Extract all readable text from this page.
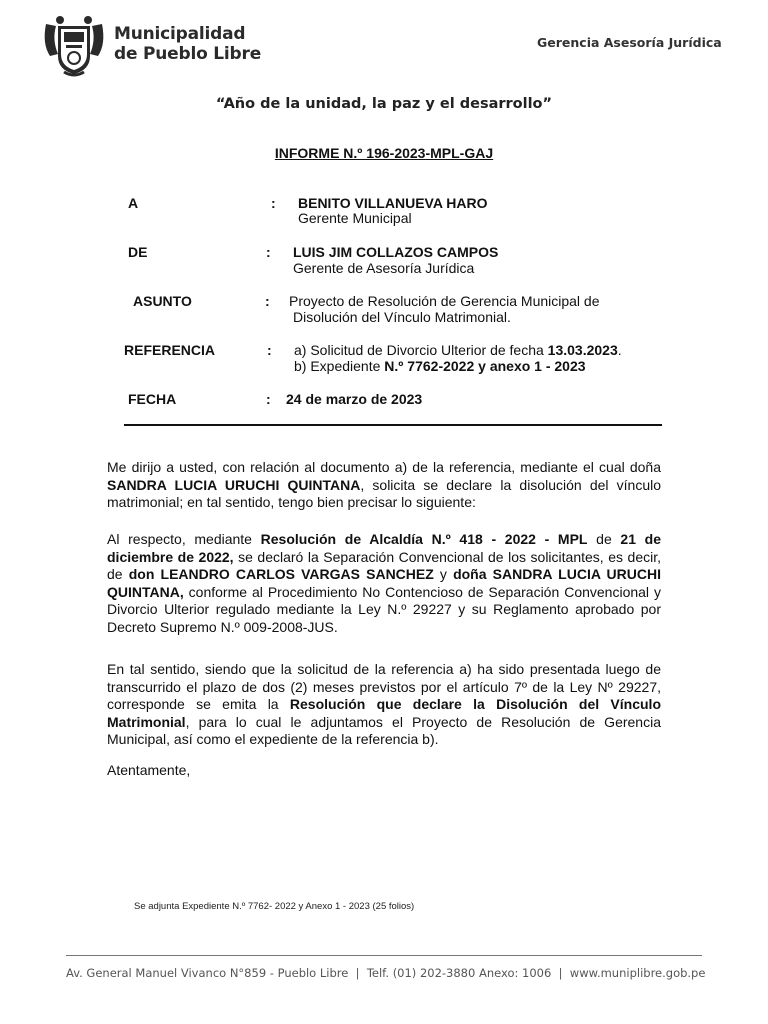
Municipalidad
de Pueblo Libre
Gerencia Asesoría Jurídica
“Año de la unidad, la paz y el desarrollo”
INFORME N.º 196-2023-MPL-GAJ
A	: BENITO VILLANUEVA HARO
Gerente Municipal
DE	: LUIS JIM COLLAZOS CAMPOS
Gerente de Asesoría Jurídica
ASUNTO	: Proyecto de Resolución de Gerencia Municipal de
Disolución del Vínculo Matrimonial.
REFERENCIA	: a) Solicitud de Divorcio Ulterior de fecha 13.03.2023.
b) Expediente N.º 7762-2022 y anexo 1 - 2023
FECHA	: 24 de marzo de 2023
Me dirijo a usted, con relación al documento a) de la referencia, mediante el cual doña SANDRA LUCIA URUCHI QUINTANA, solicita se declare la disolución del vínculo matrimonial; en tal sentido, tengo bien precisar lo siguiente:
Al respecto, mediante Resolución de Alcaldía N.º 418 - 2022 - MPL de 21 de diciembre de 2022, se declaró la Separación Convencional de los solicitantes, es decir, de don LEANDRO CARLOS VARGAS SANCHEZ y doña SANDRA LUCIA URUCHI QUINTANA, conforme al Procedimiento No Contencioso de Separación Convencional y Divorcio Ulterior regulado mediante la Ley N.º 29227 y su Reglamento aprobado por Decreto Supremo N.º 009-2008-JUS.
En tal sentido, siendo que la solicitud de la referencia a) ha sido presentada luego de transcurrido el plazo de dos (2) meses previstos por el artículo 7º de la Ley Nº 29227, corresponde se emita la Resolución que declare la Disolución del Vínculo Matrimonial, para lo cual le adjuntamos el Proyecto de Resolución de Gerencia Municipal, así como el expediente de la referencia b).
Atentamente,
Se adjunta Expediente N.º 7762- 2022 y Anexo 1 - 2023 (25 folios)
Av. General Manuel Vivanco N°859 - Pueblo Libre  |  Telf. (01) 202-3880 Anexo: 1006  |  www.muniplibre.gob.pe
